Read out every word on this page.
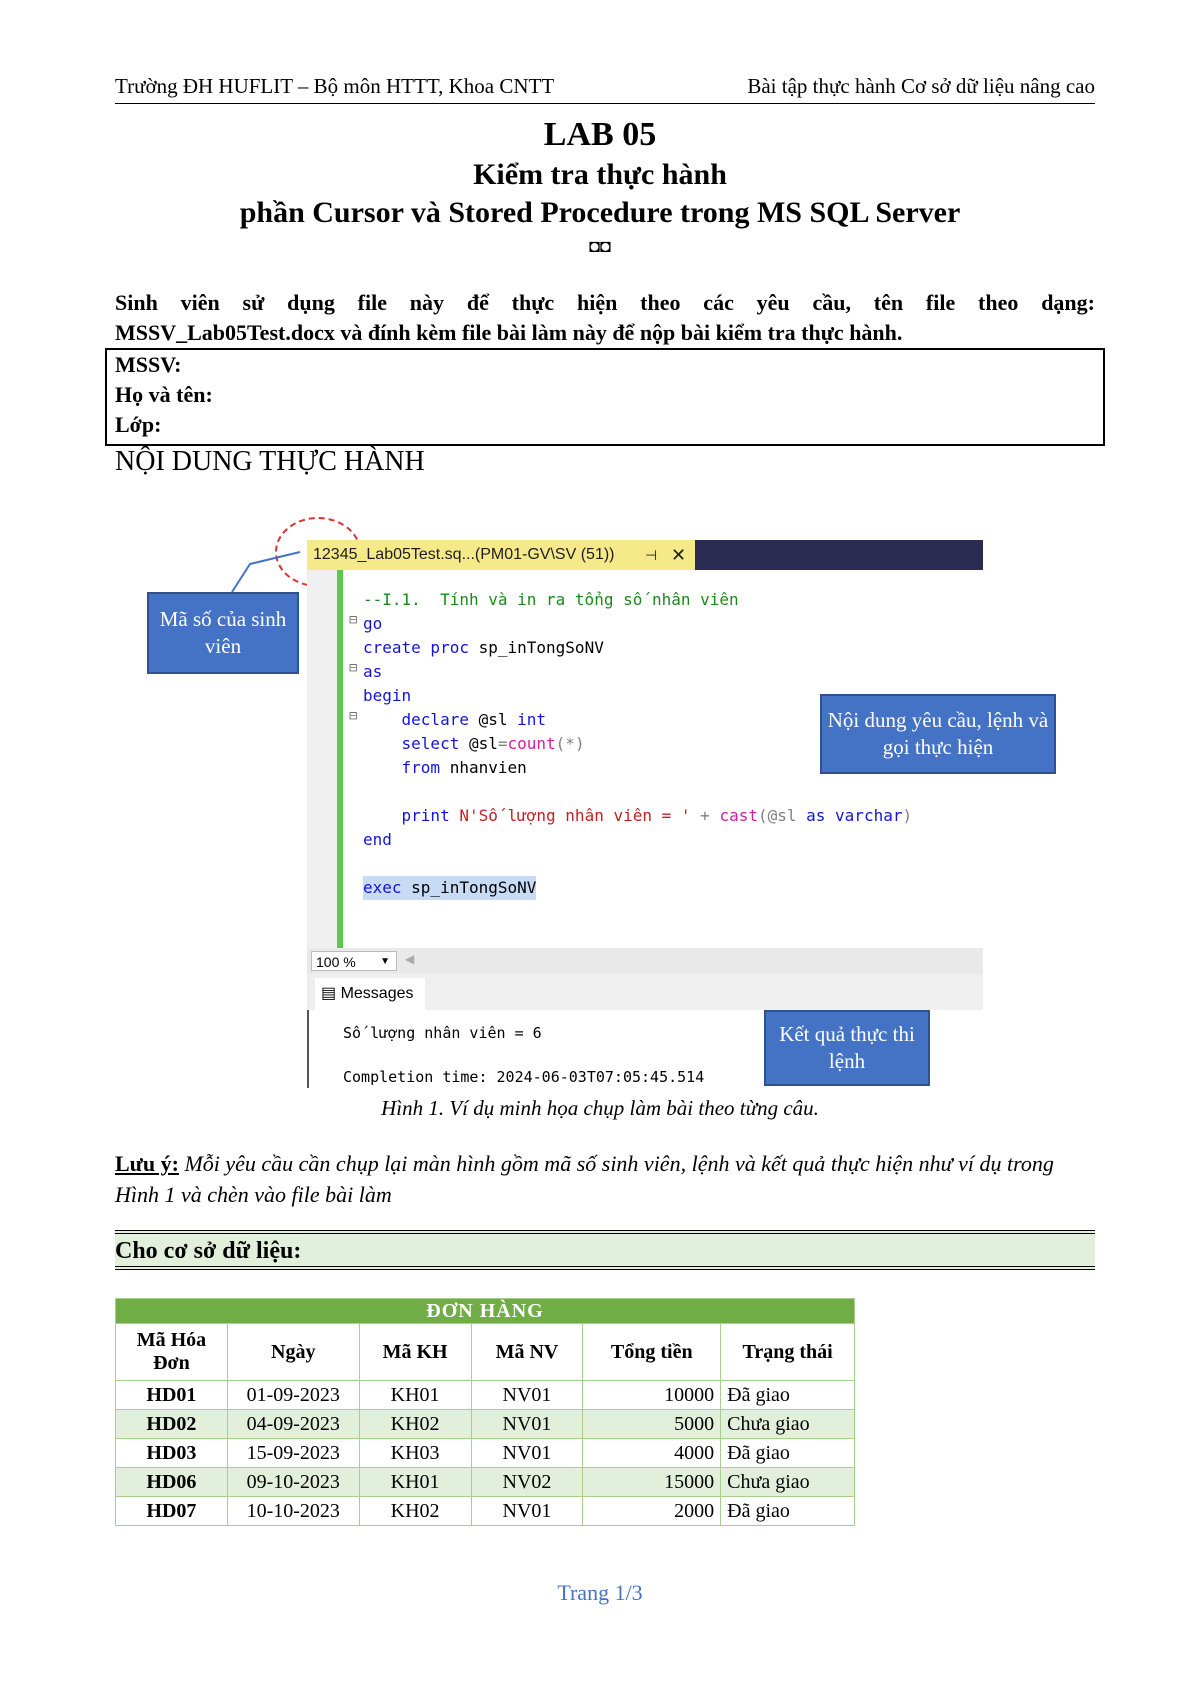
Trường ĐH HUFLIT – Bộ môn HTTT, Khoa CNTT	Bài tập thực hành Cơ sở dữ liệu nâng cao
LAB 05
Kiểm tra thực hành
phần Cursor và Stored Procedure trong MS SQL Server
◘◘
Sinh viên sử dụng file này để thực hiện theo các yêu cầu, tên file theo dạng:
MSSV_Lab05Test.docx và đính kèm file bài làm này để nộp bài kiểm tra thực hành.
MSSV:
Họ và tên:
Lớp:
NỘI DUNG THỰC HÀNH
12345_Lab05Test.sq...(PM01-GV\SV (51)) ⊣ ✕
⊟
⊟
⊟
--I.1.  Tính và in ra tổng số nhân viên
go
create proc sp_inTongSoNV
as
begin
declare @sl int
select @sl=count(*)
from nhanvien
print N'Số lượng nhân viên = ' + cast(@sl as varchar)
end
exec sp_inTongSoNV
100 % ▼ ◀
▤ Messages
Số lượng nhân viên = 6
Completion time: 2024-06-03T07:05:45.514
Mã số của sinh viên
Nội dung yêu cầu, lệnh và gọi thực hiện
Kết quả thực thi lệnh
Hình 1. Ví dụ minh họa chụp làm bài theo từng câu.
Lưu ý: Mỗi yêu cầu cần chụp lại màn hình gồm mã số sinh viên, lệnh và kết quả thực hiện như ví dụ trong Hình 1 và chèn vào file bài làm
Cho cơ sở dữ liệu:
ĐƠN HÀNG					
Mã Hóa Đơn	Ngày	Mã KH	Mã NV	Tổng tiền	Trạng thái
HD01	01-09-2023	KH01	NV01	10000	Đã giao
HD02	04-09-2023	KH02	NV01	5000	Chưa giao
HD03	15-09-2023	KH03	NV01	4000	Đã giao
HD06	09-10-2023	KH01	NV02	15000	Chưa giao
HD07	10-10-2023	KH02	NV01	2000	Đã giao
Trang 1/3
